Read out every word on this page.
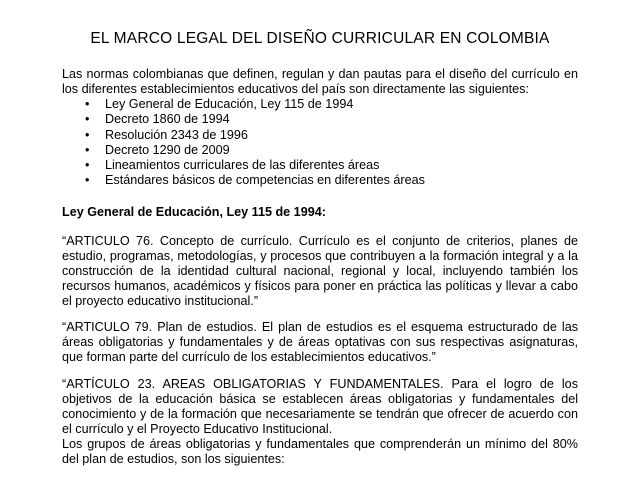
EL MARCO LEGAL DEL DISEÑO CURRICULAR EN COLOMBIA

Las normas colombianas que definen, regulan y dan pautas para el diseño del currículo en los diferentes establecimientos educativos del país son directamente las siguientes:

• Ley General de Educación, Ley 115 de 1994
• Decreto 1860 de 1994
• Resolución 2343 de 1996
• Decreto 1290 de 2009
• Lineamientos curriculares de las diferentes áreas
• Estándares básicos de competencias en diferentes áreas

Ley General de Educación, Ley 115 de 1994:

“ARTICULO 76. Concepto de currículo. Currículo es el conjunto de criterios, planes de estudio, programas, metodologías, y procesos que contribuyen a la formación integral y a la construcción de la identidad cultural nacional, regional y local, incluyendo también los recursos humanos, académicos y físicos para poner en práctica las políticas y llevar a cabo el proyecto educativo institucional.”

“ARTICULO 79. Plan de estudios. El plan de estudios es el esquema estructurado de las áreas obligatorias y fundamentales y de áreas optativas con sus respectivas asignaturas, que forman parte del currículo de los establecimientos educativos.”

“ARTÍCULO 23. AREAS OBLIGATORIAS Y FUNDAMENTALES. Para el logro de los objetivos de la educación básica se establecen áreas obligatorias y fundamentales del conocimiento y de la formación que necesariamente se tendrán que ofrecer de acuerdo con el currículo y el Proyecto Educativo Institucional.

Los grupos de áreas obligatorias y fundamentales que comprenderán un mínimo del 80% del plan de estudios, son los siguientes:
